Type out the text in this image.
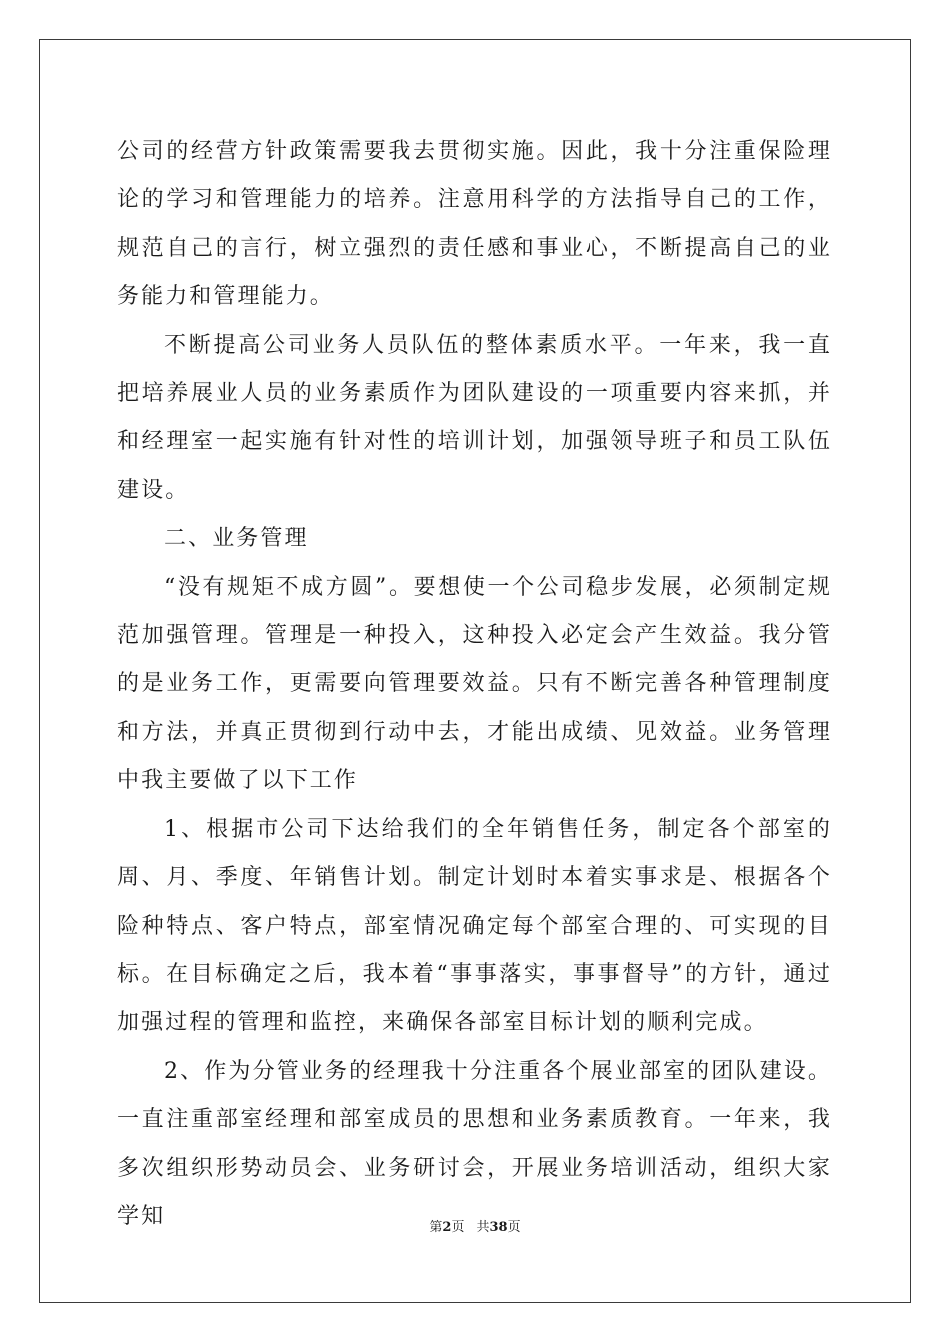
公司的经营方针政策需要我去贯彻实施。因此，我十分注重保险理论的学习和管理能力的培养。注意用科学的方法指导自己的工作，规范自己的言行，树立强烈的责任感和事业心，不断提高自己的业务能力和管理能力。

不断提高公司业务人员队伍的整体素质水平。一年来，我一直把培养展业人员的业务素质作为团队建设的一项重要内容来抓，并和经理室一起实施有针对性的培训计划，加强领导班子和员工队伍建设。

二、业务管理

“没有规矩不成方圆”。要想使一个公司稳步发展，必须制定规范加强管理。管理是一种投入，这种投入必定会产生效益。我分管的是业务工作，更需要向管理要效益。只有不断完善各种管理制度和方法，并真正贯彻到行动中去，才能出成绩、见效益。业务管理中我主要做了以下工作

1、根据市公司下达给我们的全年销售任务，制定各个部室的周、月、季度、年销售计划。制定计划时本着实事求是、根据各个险种特点、客户特点，部室情况确定每个部室合理的、可实现的目标。在目标确定之后，我本着“事事落实，事事督导”的方针，通过加强过程的管理和监控，来确保各部室目标计划的顺利完成。

2、作为分管业务的经理我十分注重各个展业部室的团队建设。一直注重部室经理和部室成员的思想和业务素质教育。一年来，我多次组织形势动员会、业务研讨会，开展业务培训活动，组织大家学知	第2页 共38页
